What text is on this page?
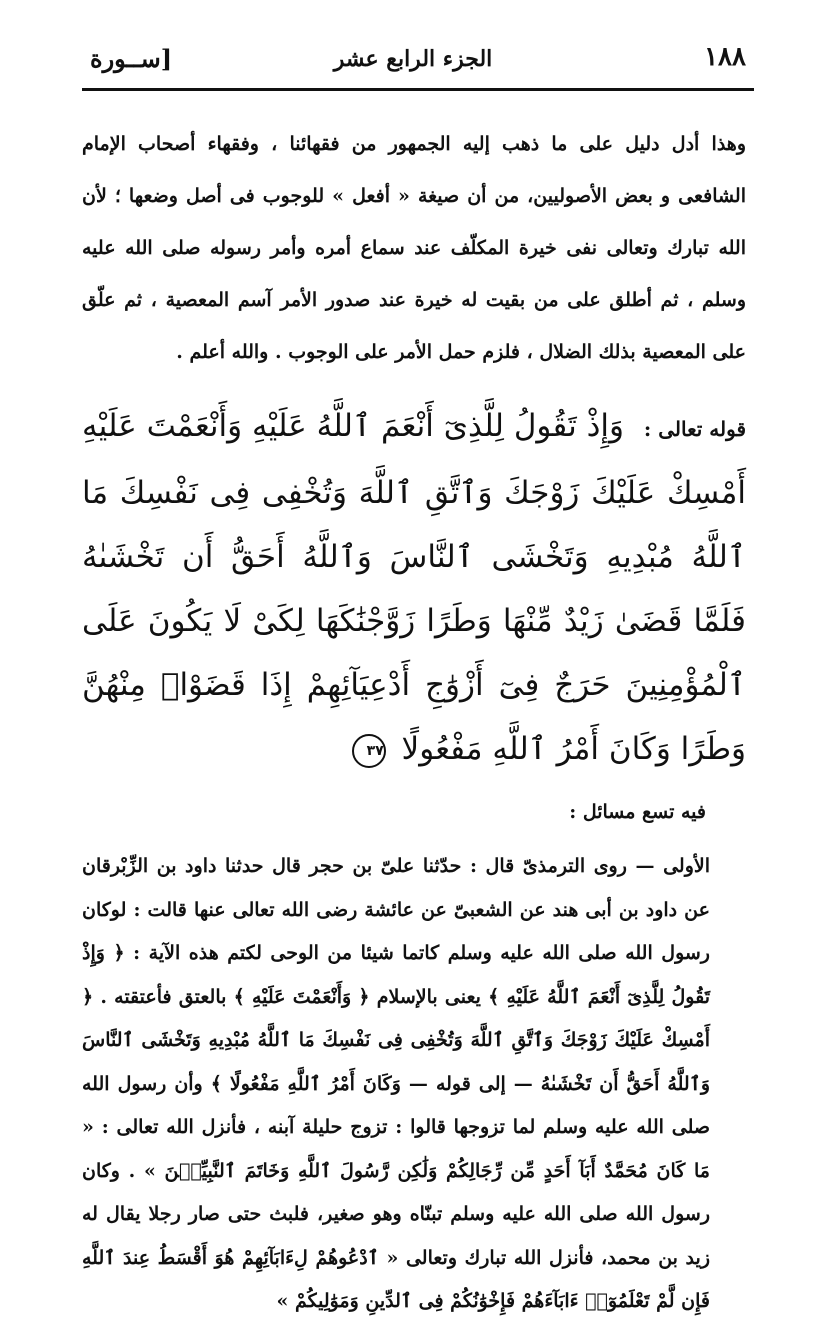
١٨٨
الجزء الرابع عشر
[ســورة

وهذا أدل دليل على ما ذهب إليه الجمهور من فقهائنا ، وفقهاء أصحاب الإمام الشافعى و بعض الأصوليين، من أن صيغة « أفعل » للوجوب فى أصل وضعها ؛ لأن الله تبارك وتعالى نفى خيرة المكلّف عند سماع أمره وأمر رسوله صلى الله عليه وسلم ، ثم أطلق على من بقيت له خيرة عند صدور الأمر آسم المعصية ، ثم علّق على المعصية بذلك الضلال ، فلزم حمل الأمر على الوجوب . والله أعلم .

قوله تعالى : وَإِذْ تَقُولُ لِلَّذِىٓ أَنْعَمَ ٱللَّهُ عَلَيْهِ وَأَنْعَمْتَ عَلَيْهِ أَمْسِكْ عَلَيْكَ زَوْجَكَ وَٱتَّقِ ٱللَّهَ وَتُخْفِى فِى نَفْسِكَ مَا ٱللَّهُ مُبْدِيهِ وَتَخْشَى ٱلنَّاسَ وَٱللَّهُ أَحَقُّ أَن تَخْشَىٰهُ فَلَمَّا قَضَىٰ زَيْدٌ مِّنْهَا وَطَرًا زَوَّجْنَٰكَهَا لِكَىْ لَا يَكُونَ عَلَى ٱلْمُؤْمِنِينَ حَرَجٌ فِىٓ أَزْوَٰجِ أَدْعِيَآئِهِمْ إِذَا قَضَوْا۟ مِنْهُنَّ وَطَرًا وَكَانَ أَمْرُ ٱللَّهِ مَفْعُولًا ٣٧

فيه تسع مسائل :

الأولى — روى الترمذىّ قال : حدّثنا علىّ بن حجر قال حدثنا داود بن الزِّبْرقان عن داود بن أبى هند عن الشعبىّ عن عائشة رضى الله تعالى عنها قالت : لوكان رسول الله صلى الله عليه وسلم كاتما شيئا من الوحى لكتم هذه الآية : ﴿ وَإِذْ تَقُولُ لِلَّذِىٓ أَنْعَمَ ٱللَّهُ عَلَيْهِ ﴾ يعنى بالإسلام ﴿ وَأَنْعَمْتَ عَلَيْهِ ﴾ بالعتق فأعتقته . ﴿ أَمْسِكْ عَلَيْكَ زَوْجَكَ وَٱتَّقِ ٱللَّهَ وَتُخْفِى فِى نَفْسِكَ مَا ٱللَّهُ مُبْدِيهِ وَتَخْشَى ٱلنَّاسَ وَٱللَّهُ أَحَقُّ أَن تَخْشَىٰهُ — إلى قوله — وَكَانَ أَمْرُ ٱللَّهِ مَفْعُولًا ﴾ وأن رسول الله صلى الله عليه وسلم لما تزوجها قالوا : تزوج حليلة آبنه ، فأنزل الله تعالى : « مَا كَانَ مُحَمَّدٌ أَبَآ أَحَدٍ مِّن رِّجَالِكُمْ وَلَٰكِن رَّسُولَ ٱللَّهِ وَخَاتَمَ ٱلنَّبِيِّـۧنَ » . وكان رسول الله صلى الله عليه وسلم تبنّاه وهو صغير، فلبث حتى صار رجلا يقال له زيد بن محمد، فأنزل الله تبارك وتعالى « ٱدْعُوهُمْ لِءَابَآئِهِمْ هُوَ أَقْسَطُ عِندَ ٱللَّهِ فَإِن لَّمْ تَعْلَمُوٓا۟ ءَابَآءَهُمْ فَإِخْوَٰنُكُمْ فِى ٱلدِّينِ وَمَوَٰلِيكُمْ »
